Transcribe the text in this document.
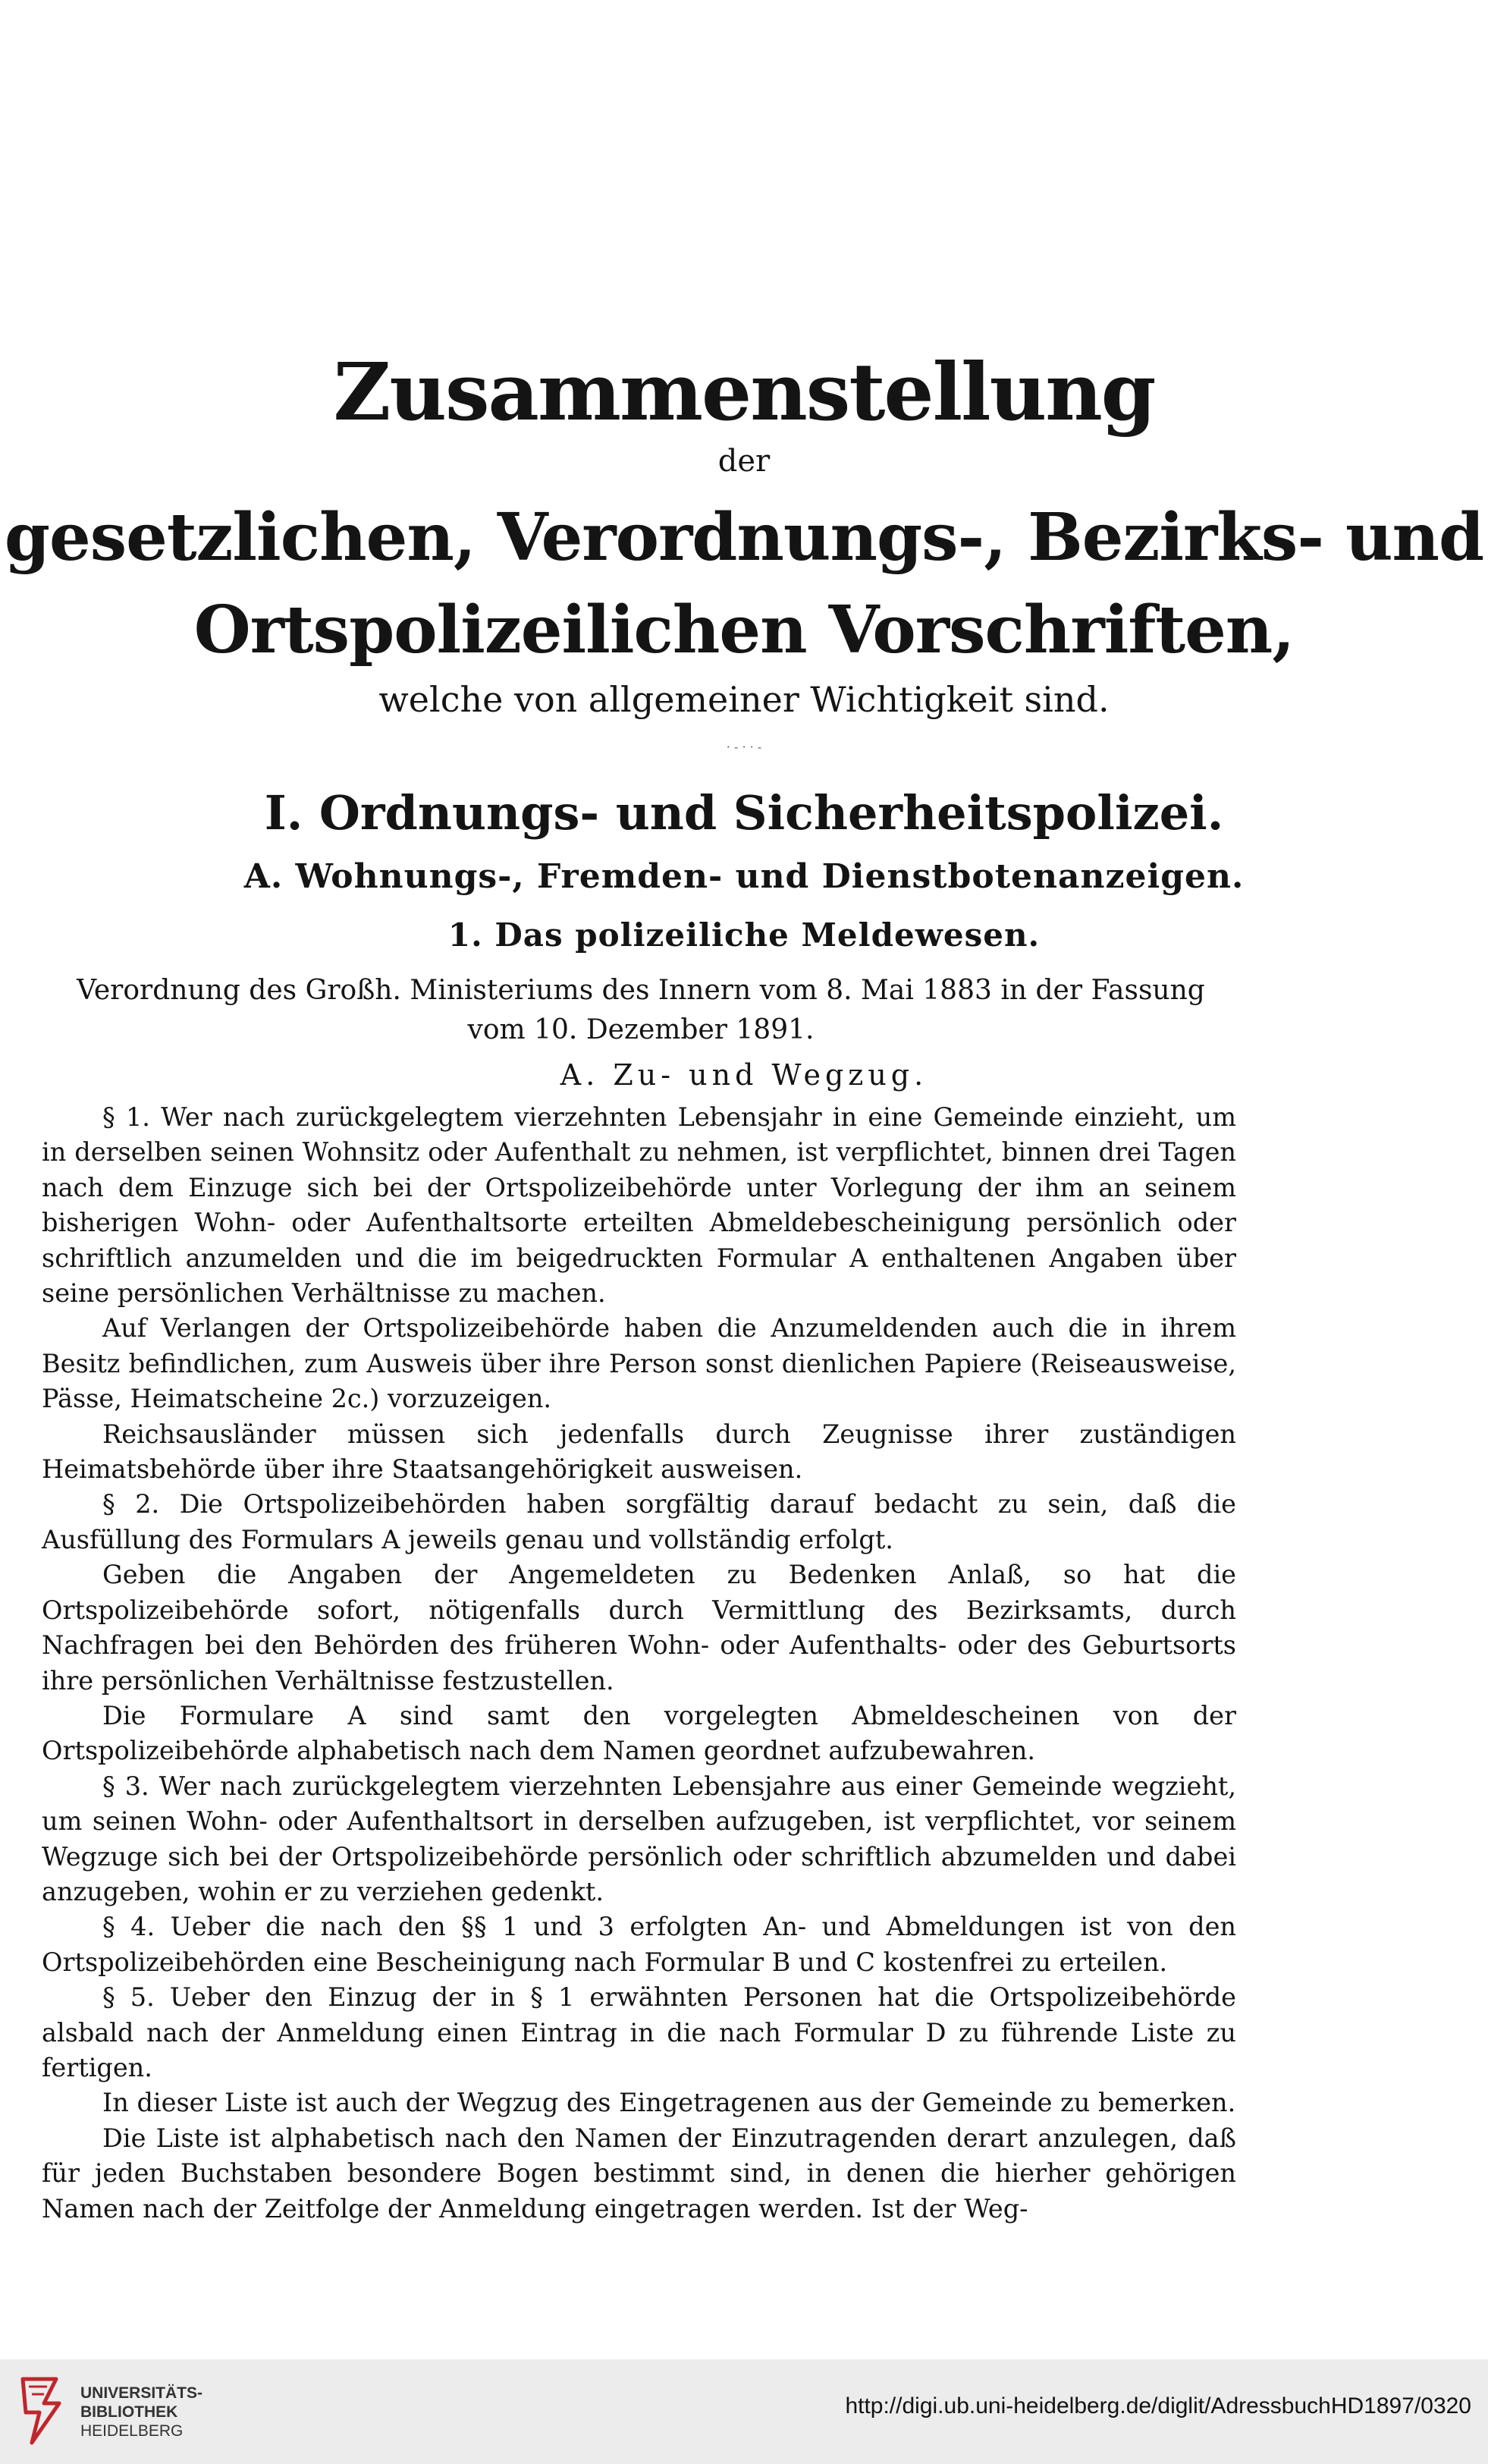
Zusammenstellung
der
gesetzlichen, Verordnungs-, Bezirks- und
Ortspolizeilichen Vorschriften,
welche von allgemeiner Wichtigkeit sind.
· - · · -
I. Ordnungs- und Sicherheitspolizei.
A. Wohnungs-, Fremden- und Dienstbotenanzeigen.
1. Das polizeiliche Meldewesen.
Verordnung des Großh. Ministeriums des Innern vom 8. Mai 1883 in der Fassung vom 10. Dezember 1891.
A. Zu- und Wegzug.

§ 1. Wer nach zurückgelegtem vierzehnten Lebensjahr in eine Gemeinde einzieht, um in derselben seinen Wohnsitz oder Aufenthalt zu nehmen, ist verpflichtet, binnen drei Tagen nach dem Einzuge sich bei der Ortspolizeibehörde unter Vorlegung der ihm an seinem bisherigen Wohn- oder Aufenthaltsorte erteilten Abmeldebescheinigung persönlich oder schriftlich anzumelden und die im beigedruckten Formular A enthaltenen Angaben über seine persönlichen Verhältnisse zu machen.

Auf Verlangen der Ortspolizeibehörde haben die Anzumeldenden auch die in ihrem Besitz befindlichen, zum Ausweis über ihre Person sonst dienlichen Papiere (Reiseausweise, Pässe, Heimatscheine 2c.) vorzuzeigen.

Reichsausländer müssen sich jedenfalls durch Zeugnisse ihrer zuständigen Heimatsbehörde über ihre Staatsangehörigkeit ausweisen.

§ 2. Die Ortspolizeibehörden haben sorgfältig darauf bedacht zu sein, daß die Ausfüllung des Formulars A jeweils genau und vollständig erfolgt.

Geben die Angaben der Angemeldeten zu Bedenken Anlaß, so hat die Ortspolizeibehörde sofort, nötigenfalls durch Vermittlung des Bezirksamts, durch Nachfragen bei den Behörden des früheren Wohn- oder Aufenthalts- oder des Geburtsorts ihre persönlichen Verhältnisse festzustellen.

Die Formulare A sind samt den vorgelegten Abmeldescheinen von der Ortspolizeibehörde alphabetisch nach dem Namen geordnet aufzubewahren.

§ 3. Wer nach zurückgelegtem vierzehnten Lebensjahre aus einer Gemeinde wegzieht, um seinen Wohn- oder Aufenthaltsort in derselben aufzugeben, ist verpflichtet, vor seinem Wegzuge sich bei der Ortspolizeibehörde persönlich oder schriftlich abzumelden und dabei anzugeben, wohin er zu verziehen gedenkt.

§ 4. Ueber die nach den §§ 1 und 3 erfolgten An- und Abmeldungen ist von den Ortspolizeibehörden eine Bescheinigung nach Formular B und C kostenfrei zu erteilen.

§ 5. Ueber den Einzug der in § 1 erwähnten Personen hat die Ortspolizeibehörde alsbald nach der Anmeldung einen Eintrag in die nach Formular D zu führende Liste zu fertigen.

In dieser Liste ist auch der Wegzug des Eingetragenen aus der Gemeinde zu bemerken.

Die Liste ist alphabetisch nach den Namen der Einzutragenden derart anzulegen, daß für jeden Buchstaben besondere Bogen bestimmt sind, in denen die hierher gehörigen Namen nach der Zeitfolge der Anmeldung eingetragen werden. Ist der Weg-

UNIVERSITÄTS-
BIBLIOTHEK
HEIDELBERG
http://digi.ub.uni-heidelberg.de/diglit/AdressbuchHD1897/0320
